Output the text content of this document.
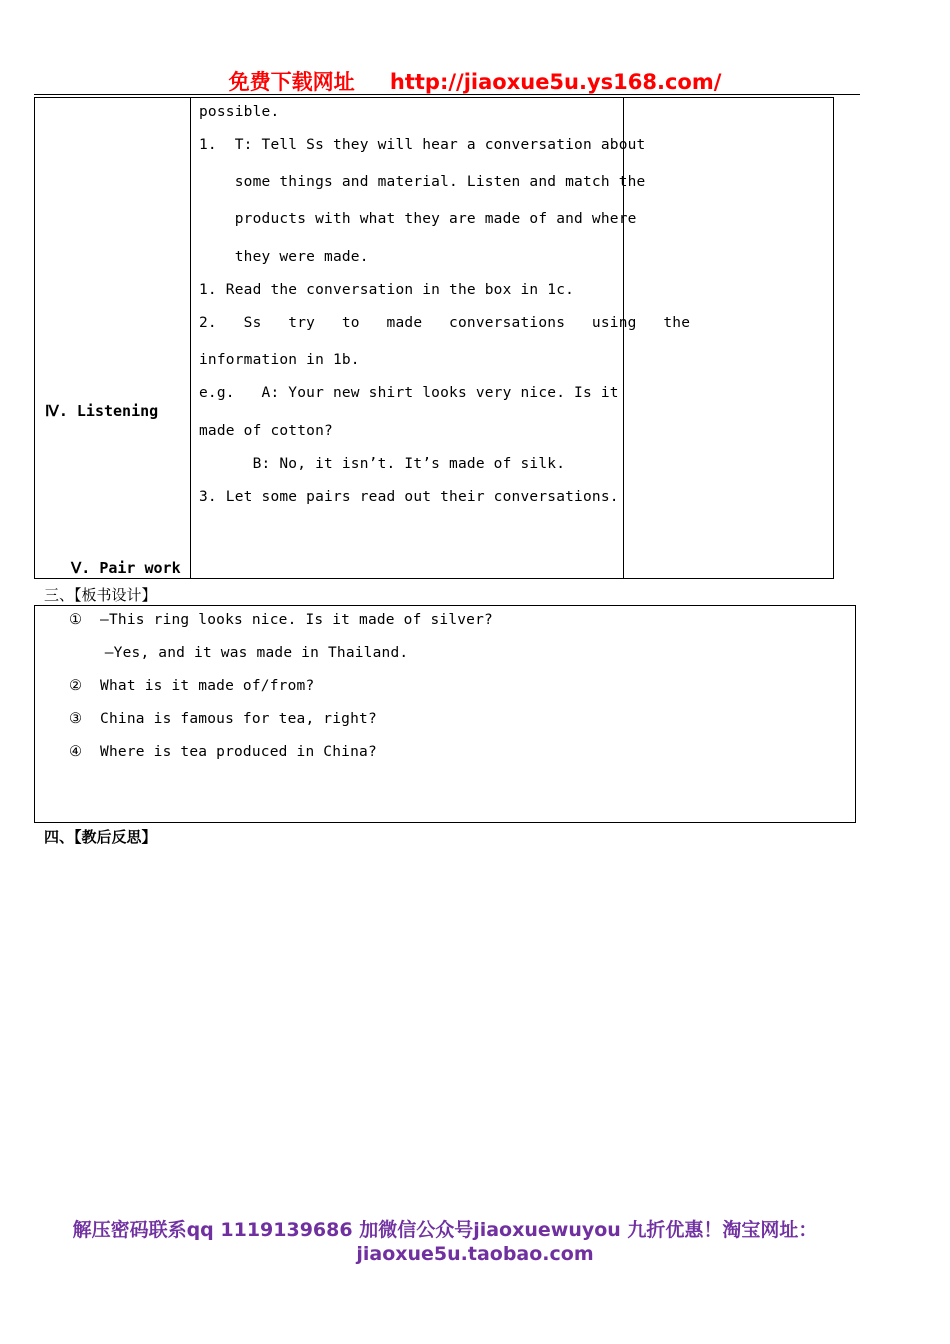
免费下载网址 http://jiaoxue5u.ys168.com/
Ⅳ. Listening
Ⅴ. Pair work
possible.
1.  T: Tell Ss they will hear a conversation about
some things and material. Listen and match the
products with what they are made of and where
they were made.
1. Read the conversation in the box in 1c.
2.   Ss   try   to   made   conversations   using   the
information in 1b.
e.g.   A: Your new shirt looks very nice. Is it
made of cotton?
B: No, it isn’t. It’s made of silk.
3. Let some pairs read out their conversations.
三、【板书设计】
①  —This ring looks nice. Is it made of silver?
—Yes, and it was made in Thailand.
②  What is it made of/from?
③  China is famous for tea, right?
④  Where is tea produced in China?
四、【教后反思】
解压密码联系qq 1119139686 加微信公众号jiaoxuewuyou 九折优惠！淘宝网址：
jiaoxue5u.taobao.com
